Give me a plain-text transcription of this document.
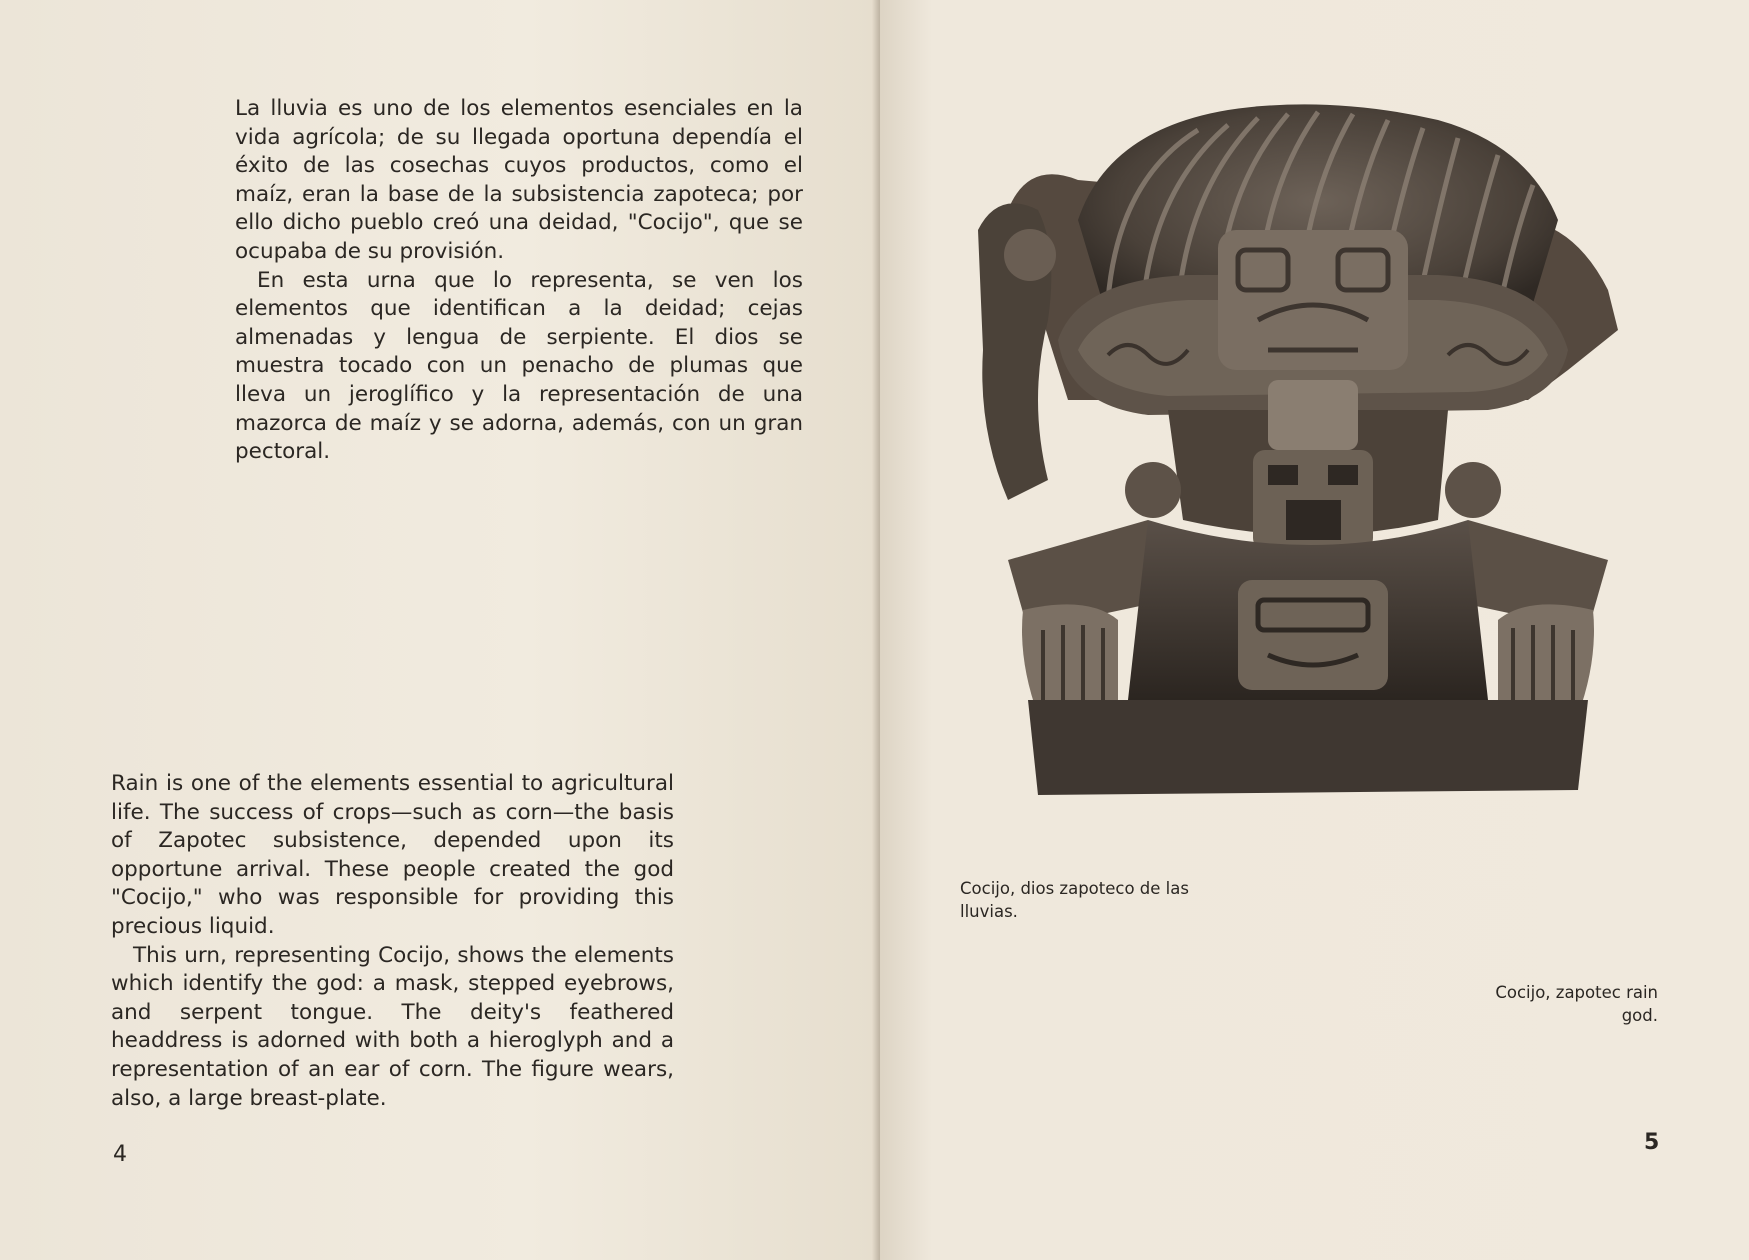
La lluvia es uno de los elementos esenciales en la vida agrícola; de su llegada oportuna dependía el éxito de las cosechas cuyos productos, como el maíz, eran la base de la subsistencia zapoteca; por ello dicho pueblo creó una deidad, "Cocijo", que se ocupaba de su provisión.

En esta urna que lo representa, se ven los elementos que identifican a la deidad; cejas almenadas y lengua de serpiente. El dios se muestra tocado con un penacho de plumas que lleva un jeroglífico y la representación de una mazorca de maíz y se adorna, además, con un gran pectoral.

Rain is one of the elements essential to agricultural life. The success of crops—such as corn—the basis of Zapotec subsistence, depended upon its opportune arrival. These people created the god "Cocijo," who was responsible for providing this precious liquid.

This urn, representing Cocijo, shows the elements which identify the god: a mask, stepped eyebrows, and serpent tongue. The deity's feathered headdress is adorned with both a hieroglyph and a representation of an ear of corn. The figure wears, also, a large breast-plate.

4

Cocijo, dios zapoteco de las lluvias.

Cocijo, zapotec rain god.

5
